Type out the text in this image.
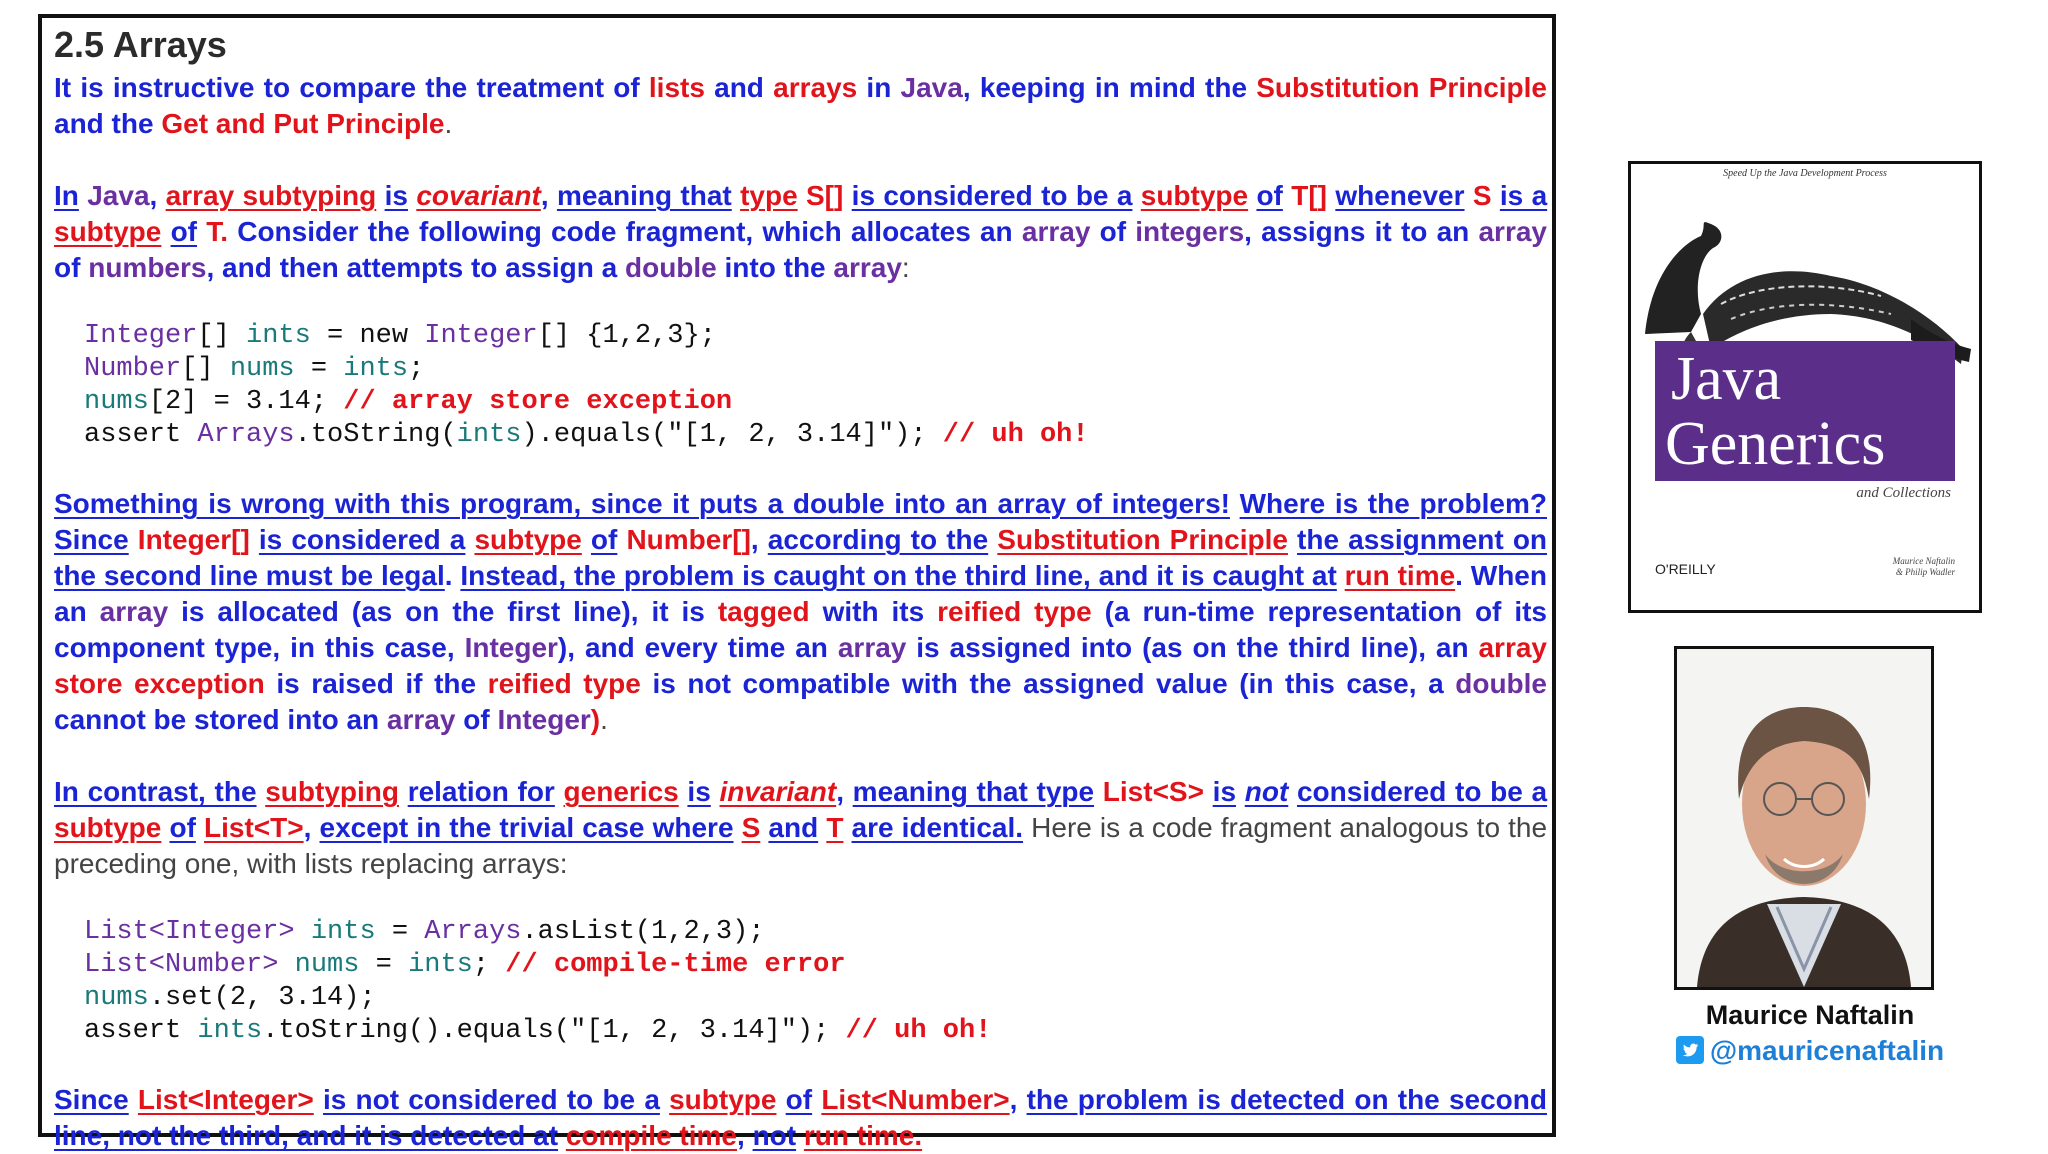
2.5 Arrays

It is instructive to compare the treatment of lists and arrays in Java, keeping in mind the Substitution Principle and the Get and Put Principle.

In Java, array subtyping is covariant, meaning that type S[] is considered to be a subtype of T[] whenever S is a subtype of T. Consider the following code fragment, which allocates an array of integers, assigns it to an array of numbers, and then attempts to assign a double into the array:

Integer[] ints = new Integer[] {1,2,3};
Number[] nums = ints;
nums[2] = 3.14; // array store exception
assert Arrays.toString(ints).equals("[1, 2, 3.14]"); // uh oh!

Something is wrong with this program, since it puts a double into an array of integers! Where is the problem? Since Integer[] is considered a subtype of Number[], according to the Substitution Principle the assignment on the second line must be legal. Instead, the problem is caught on the third line, and it is caught at run time. When an array is allocated (as on the first line), it is tagged with its reified type (a run-time representation of its component type, in this case, Integer), and every time an array is assigned into (as on the third line), an array store exception is raised if the reified type is not compatible with the assigned value (in this case, a double cannot be stored into an array of Integer).

In contrast, the subtyping relation for generics is invariant, meaning that type List<S> is not considered to be a subtype of List<T>, except in the trivial case where S and T are identical. Here is a code fragment analogous to the preceding one, with lists replacing arrays:

List<Integer> ints = Arrays.asList(1,2,3);
List<Number> nums = ints; // compile-time error
nums.set(2, 3.14);
assert ints.toString().equals("[1, 2, 3.14]"); // uh oh!

Since List<Integer> is not considered to be a subtype of List<Number>, the problem is detected on the second line, not the third, and it is detected at compile time, not run time.

Speed Up the Java Development Process
Java
Generics
and Collections
O'REILLY	Maurice Naftalin
& Philip Wadler
Maurice Naftalin
@mauricenaftalin
